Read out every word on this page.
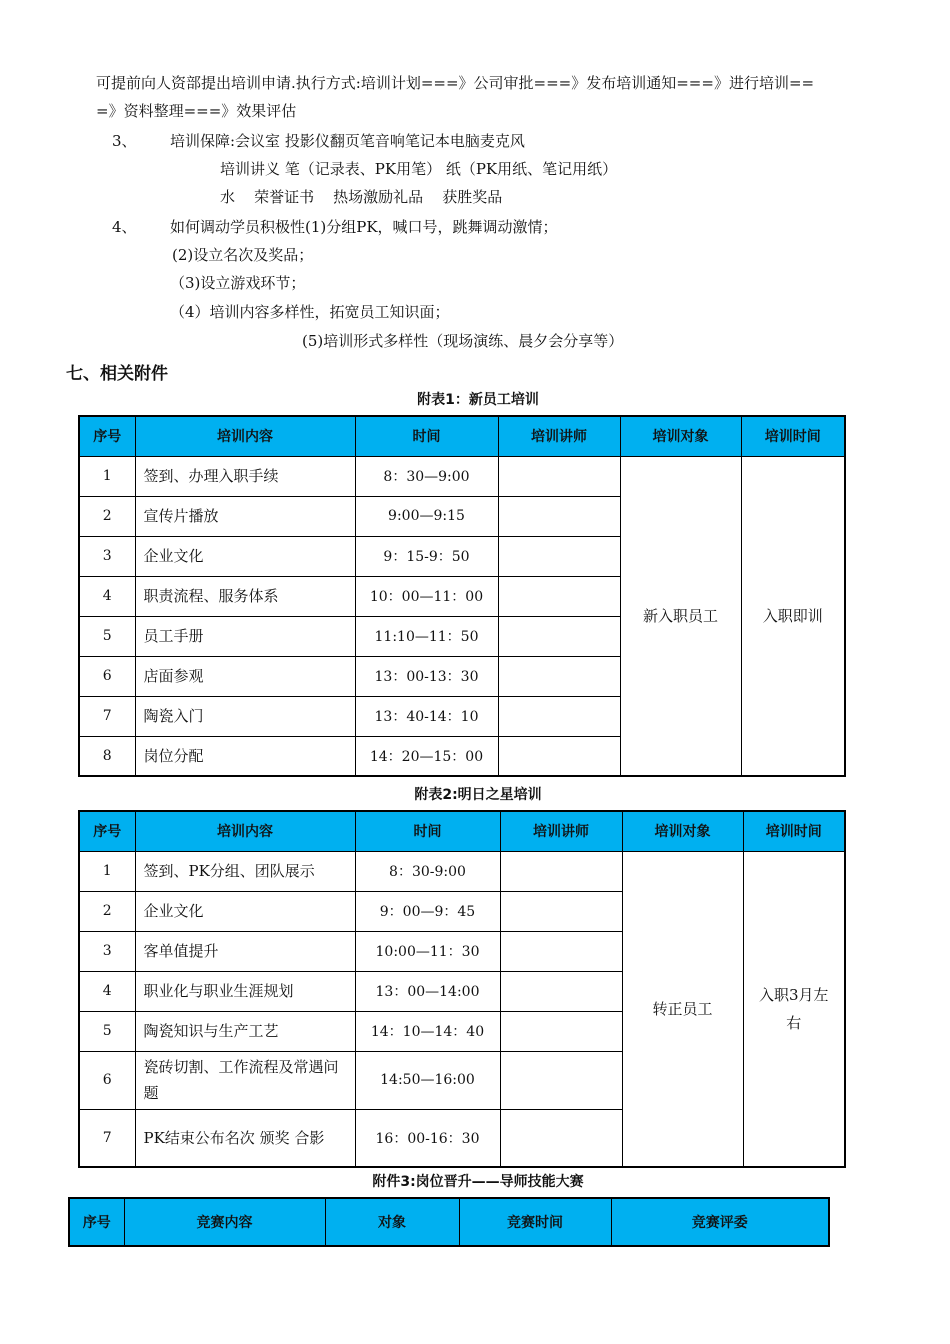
可提前向人资部提出培训申请.执行方式:培训计划===》公司审批===》发布培训通知===》进行培训==
=》资料整理===》效果评估
3、 培训保障:会议室 投影仪翻页笔音响笔记本电脑麦克风
培训讲义 笔（记录表、PK用笔） 纸（PK用纸、笔记用纸）
水    荣誉证书    热场激励礼品    获胜奖品
4、 如何调动学员积极性(1)分组PK，喊口号，跳舞调动激情；
(2)设立名次及奖品；
（3)设立游戏环节；
（4）培训内容多样性，拓宽员工知识面；
(5)培训形式多样性（现场演练、晨夕会分享等）
七、相关附件
附表1：新员工培训
序号	培训内容	时间	培训讲师	培训对象	培训时间
1	签到、办理入职手续	8：30—9:00		新入职员工	入职即训
2	宣传片播放	9:00—9:15			
3	企业文化	9：15-9：50			
4	职责流程、服务体系	10：00—11：00			
5	员工手册	11:10—11：50			
6	店面参观	13：00-13：30			
7	陶瓷入门	13：40-14：10			
8	岗位分配	14：20—15：00			
附表2:明日之星培训
序号	培训内容	时间	培训讲师	培训对象	培训时间
1	签到、PK分组、团队展示	8：30-9:00		转正员工	入职3月左右
2	企业文化	9：00—9：45			
3	客单值提升	10:00—11：30			
4	职业化与职业生涯规划	13：00—14:00			
5	陶瓷知识与生产工艺	14：10—14：40			
6	瓷砖切割、工作流程及常遇问题	14:50—16:00			
7	PK结束公布名次 颁奖 合影	16：00-16：30			
附件3:岗位晋升——导师技能大赛
序号	竞赛内容	对象	竞赛时间	竞赛评委
